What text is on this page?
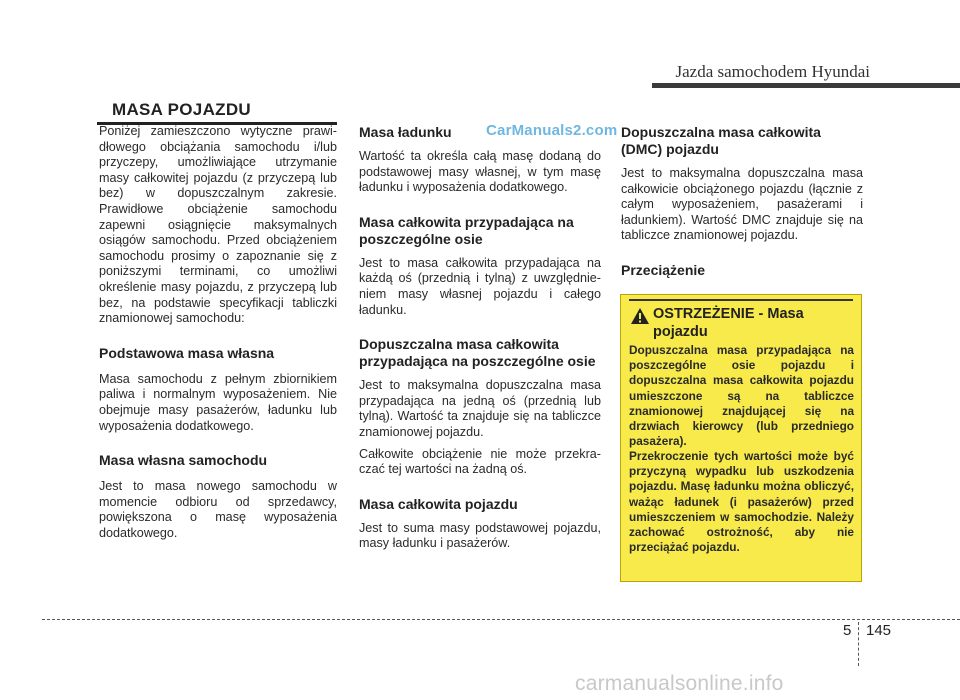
Jazda samochodem Hyundai
MASA POJAZDU

Poniżej zamieszczono wytyczne prawidłowego obciążania samochodu i/lub przyczepy, umożliwiające utrzymanie masy całkowitej pojazdu (z przyczepą lub bez) w dopuszczalnym zakresie. Prawidłowe obciążenie samochodu zapewni osiągnięcie maksymalnych osiągów samochodu. Przed obciążeniem samochodu prosimy o zapoznanie się z poniższymi terminami, co umożliwi określenie masy pojazdu, z przyczepą lub bez, na podstawie specyfikacji tabliczki znamionowej samochodu:

Podstawowa masa własna

Masa samochodu z pełnym zbiornikiem paliwa i normalnym wyposażeniem. Nie obejmuje masy pasażerów, ładunku lub wyposażenia dodatkowego.

Masa własna samochodu

Jest to masa nowego samochodu w momencie odbioru od sprzedawcy, powiększona o masę wyposażenia dodatkowego.

CarManuals2.com
Masa ładunku

Wartość ta określa całą masę dodaną do podstawowej masy własnej, w tym masę ładunku i wyposażenia dodatkowego.

Masa całkowita przypadająca na poszczególne osie

Jest to masa całkowita przypadająca na każdą oś (przednią i tylną) z uwzględnieniem masy własnej pojazdu i całego ładunku.

Dopuszczalna masa całkowita przypadająca na poszczególne osie

Jest to maksymalna dopuszczalna masa przypadająca na jedną oś (przednią lub tylną). Wartość ta znajduje się na tabliczce znamionowej pojazdu.

Całkowite obciążenie nie może przekraczać tej wartości na żadną oś.

Masa całkowita pojazdu

Jest to suma masy podstawowej pojazdu, masy ładunku i pasażerów.

Dopuszczalna masa całkowita (DMC) pojazdu

Jest to maksymalna dopuszczalna masa całkowicie obciążonego pojazdu (łącznie z całym wyposażeniem, pasażerami i ładunkiem). Wartość DMC znajduje się na tabliczce znamionowej pojazdu.

Przeciążenie
OSTRZEŻENIE - Masa pojazdu
Dopuszczalna masa przypadająca na poszczególne osie pojazdu i dopuszczalna masa całkowita pojazdu umieszczone są na tabliczce znamionowej znajdującej się na drzwiach kierowcy (lub przedniego pasażera).
Przekroczenie tych wartości może być przyczyną wypadku lub uszkodzenia pojazdu. Masę ładunku można obliczyć, ważąc ładunek (i pasażerów) przed umieszczeniem w samochodzie. Należy zachować ostrożność, aby nie przeciążać pojazdu.
5 145
carmanualsonline.info
